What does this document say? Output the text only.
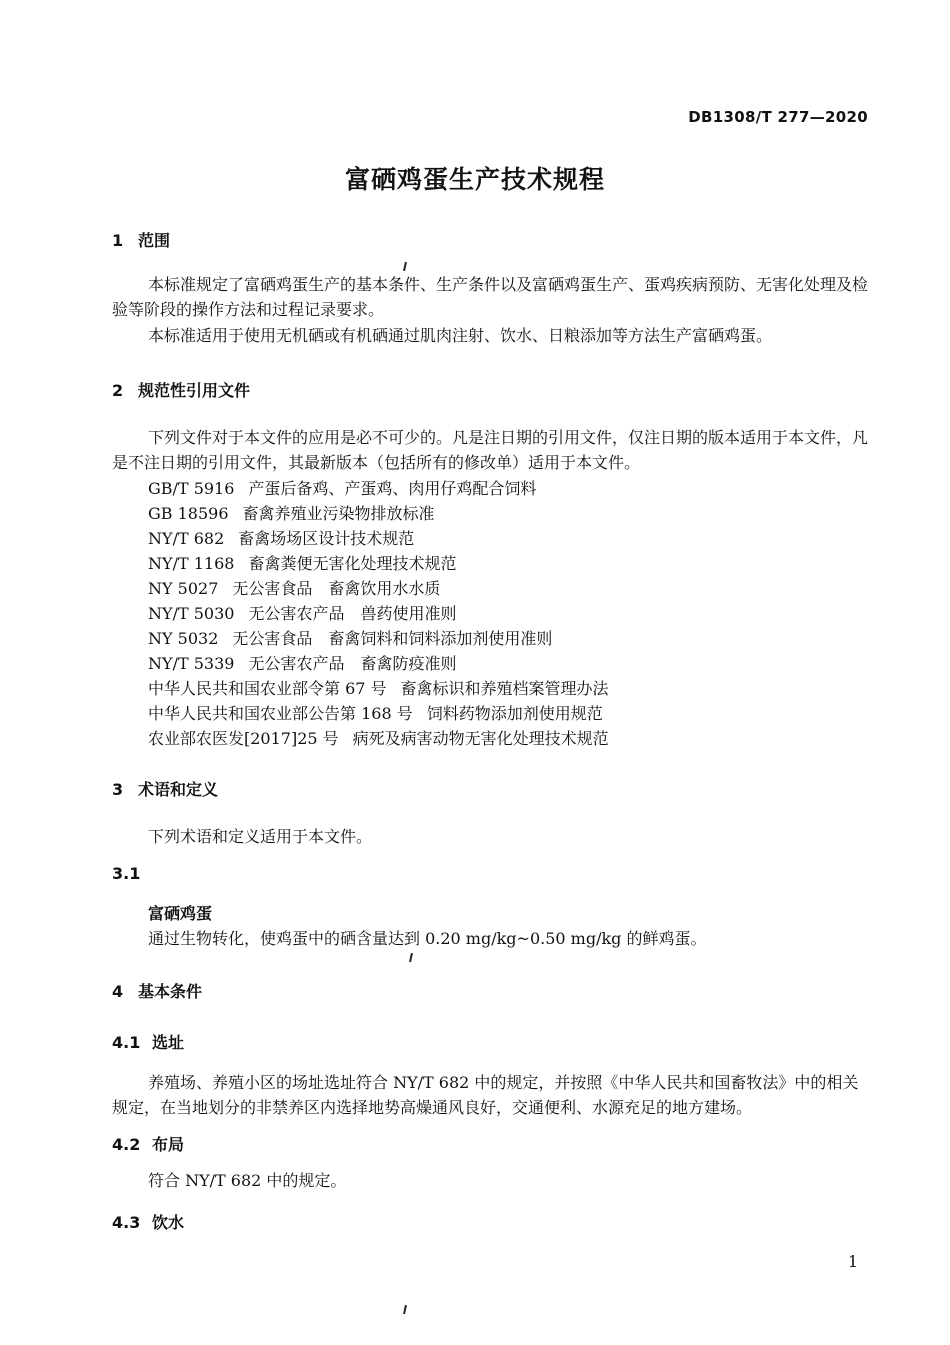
DB1308/T 277—2020
富硒鸡蛋生产技术规程
1 范围

本标准规定了富硒鸡蛋生产的基本条件、生产条件以及富硒鸡蛋生产、蛋鸡疾病预防、无害化处理及检验等阶段的操作方法和过程记录要求。

本标准适用于使用无机硒或有机硒通过肌肉注射、饮水、日粮添加等方法生产富硒鸡蛋。

2 规范性引用文件

下列文件对于本文件的应用是必不可少的。凡是注日期的引用文件，仅注日期的版本适用于本文件，凡是不注日期的引用文件，其最新版本（包括所有的修改单）适用于本文件。

GB/T 5916 产蛋后备鸡、产蛋鸡、肉用仔鸡配合饲料
GB 18596 畜禽养殖业污染物排放标准
NY/T 682 畜禽场场区设计技术规范
NY/T 1168 畜禽粪便无害化处理技术规范
NY 5027 无公害食品　畜禽饮用水水质
NY/T 5030 无公害农产品　兽药使用准则
NY 5032 无公害食品　畜禽饲料和饲料添加剂使用准则
NY/T 5339 无公害农产品　畜禽防疫准则
中华人民共和国农业部令第 67 号 畜禽标识和养殖档案管理办法
中华人民共和国农业部公告第 168 号 饲料药物添加剂使用规范
农业部农医发[2017]25 号 病死及病害动物无害化处理技术规范
3 术语和定义
下列术语和定义适用于本文件。
3.1
富硒鸡蛋
通过生物转化，使鸡蛋中的硒含量达到 0.20 mg/kg~0.50 mg/kg 的鲜鸡蛋。
4 基本条件
4.1 选址

养殖场、养殖小区的场址选址符合 NY/T 682 中的规定，并按照《中华人民共和国畜牧法》中的相关规定，在当地划分的非禁养区内选择地势高燥通风良好，交通便利、水源充足的地方建场。

4.2 布局
符合 NY/T 682 中的规定。
4.3 饮水
1
